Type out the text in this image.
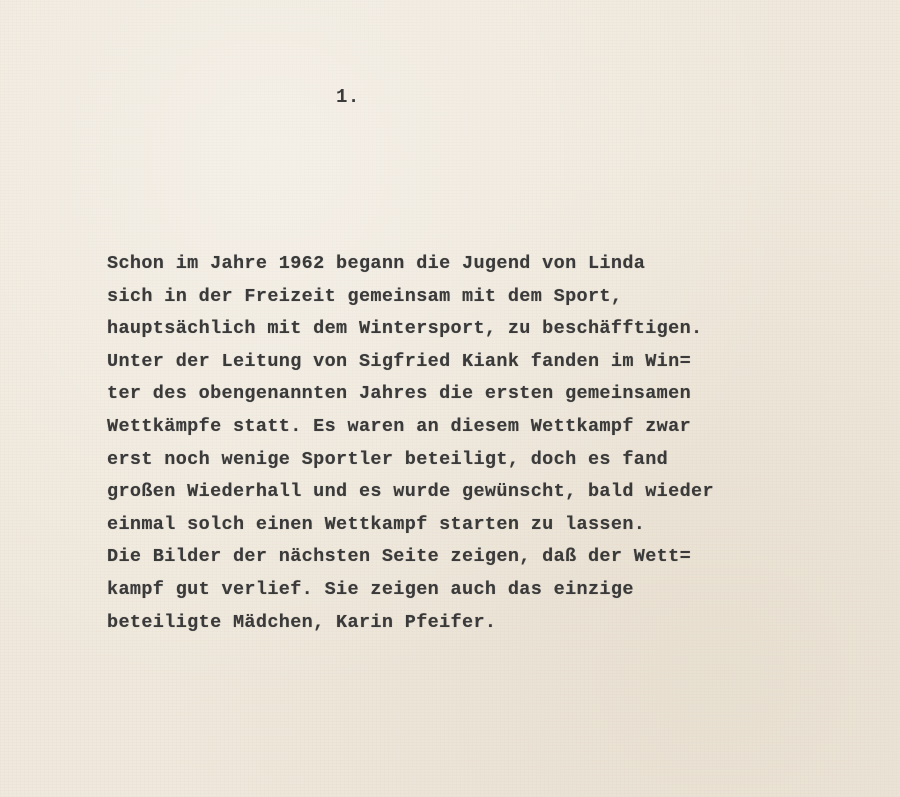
1.
Schon im Jahre 1962 begann die Jugend von Linda
sich in der Freizeit gemeinsam mit dem Sport,
hauptsächlich mit dem Wintersport, zu beschäfftigen.
Unter der Leitung von Sigfried Kiank fanden im Win=
ter des obengenannten Jahres die ersten gemeinsamen
Wettkämpfe statt. Es waren an diesem Wettkampf zwar
erst noch wenige Sportler beteiligt, doch es fand
großen Wiederhall und es wurde gewünscht, bald wieder
einmal solch einen Wettkampf starten zu lassen.
Die Bilder der nächsten Seite zeigen, daß der Wett=
kampf gut verlief. Sie zeigen auch das einzige
beteiligte Mädchen, Karin Pfeifer.
